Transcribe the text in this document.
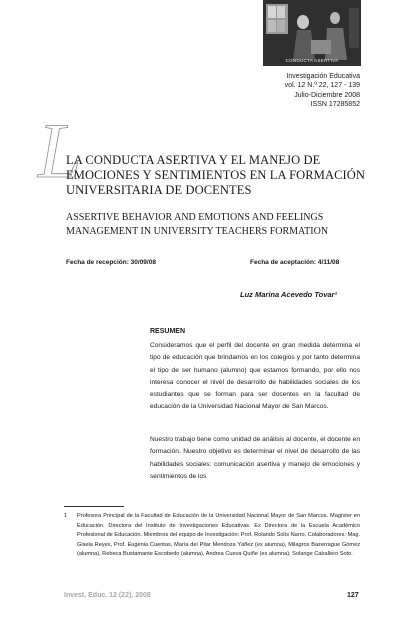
CONDUCTA ASERTIVA
Investigación Educativa
vol. 12 N.º 22, 127 - 139
Julio-Diciembre 2008
ISSN 17285852
L
LA CONDUCTA ASERTIVA Y EL MANEJO DE
EMOCIONES Y SENTIMIENTOS EN LA FORMACIÓN
UNIVERSITARIA DE DOCENTES
ASSERTIVE BEHAVIOR AND EMOTIONS AND FEELINGS
MANAGEMENT IN UNIVERSITY TEACHERS FORMATION
Fecha de recepción: 30/09/08	Fecha de aceptación: 4/11/08
Luz Marina Acevedo Tovar¹
RESUMEN
Consideramos que el perfil del docente en gran medida determina el tipo de educación que brindamos en los colegios y por tanto determina el tipo de ser humano (alumno) que estamos formando, por ello nos interesa conocer el nivel de desarrollo de habilidades sociales de los estudiantes que se forman para ser docentes en la facultad de educación de la Universidad Nacional Mayor de San Marcos.
Nuestro trabajo tiene como unidad de análisis al docente, el docente en formación. Nuestro objetivo es determinar el nivel de desarrollo de las habilidades sociales: comunicación asertiva y manejo de emociones y sentimientos de los
1 Profesora Principal de la Facultad de Educación de la Universidad Nacional Mayor de San Marcos. Magíster en Educación. Directora del Instituto de Investigaciones Educativas. Ex Directora de la Escuela Académico Profesional de Educación. Miembros del equipo de Investigación: Prof. Rolando Solís Narro. Colaboradores: Mag. Gisela Reyes, Prof. Eugenia Cuentas, María del Pilar Mendoza Yáñez (ex alumna), Milagros Bazerrague Gómez (alumna), Rebeca Bustamante Escobedo (alumna), Andrea Cueva Quiñe (ex alumna), Solange Caballero Soto.
Invest. Educ. 12 (22), 2008	127
